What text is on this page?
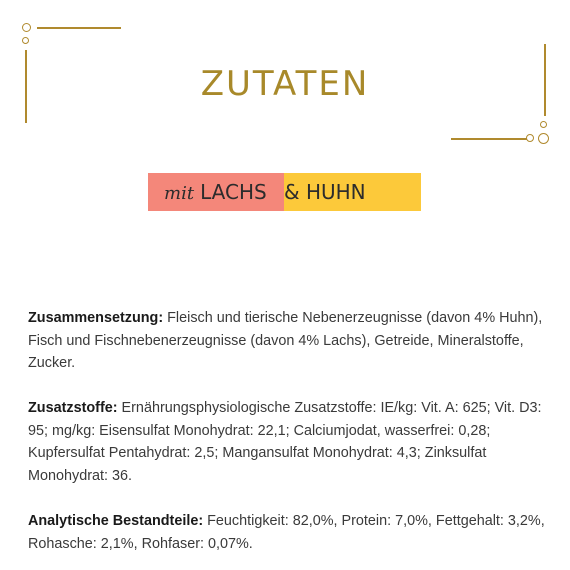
ZUTATEN
mit LACHS & HUHN
Zusammensetzung: Fleisch und tierische Nebenerzeugnisse (davon 4% Huhn), Fisch und Fischnebenerzeugnisse (davon 4% Lachs), Getreide, Mineralstoffe, Zucker.
Zusatzstoffe: Ernährungsphysiologische Zusatzstoffe: IE/kg: Vit. A: 625; Vit. D3: 95; mg/kg: Eisensulfat Monohydrat: 22,1; Calciumjodat, wasserfrei: 0,28; Kupfersulfat Pentahydrat: 2,5; Mangansulfat Monohydrat: 4,3; Zinksulfat Monohydrat: 36.
Analytische Bestandteile: Feuchtigkeit: 82,0%, Protein: 7,0%, Fettgehalt: 3,2%, Rohasche: 2,1%, Rohfaser: 0,07%.
